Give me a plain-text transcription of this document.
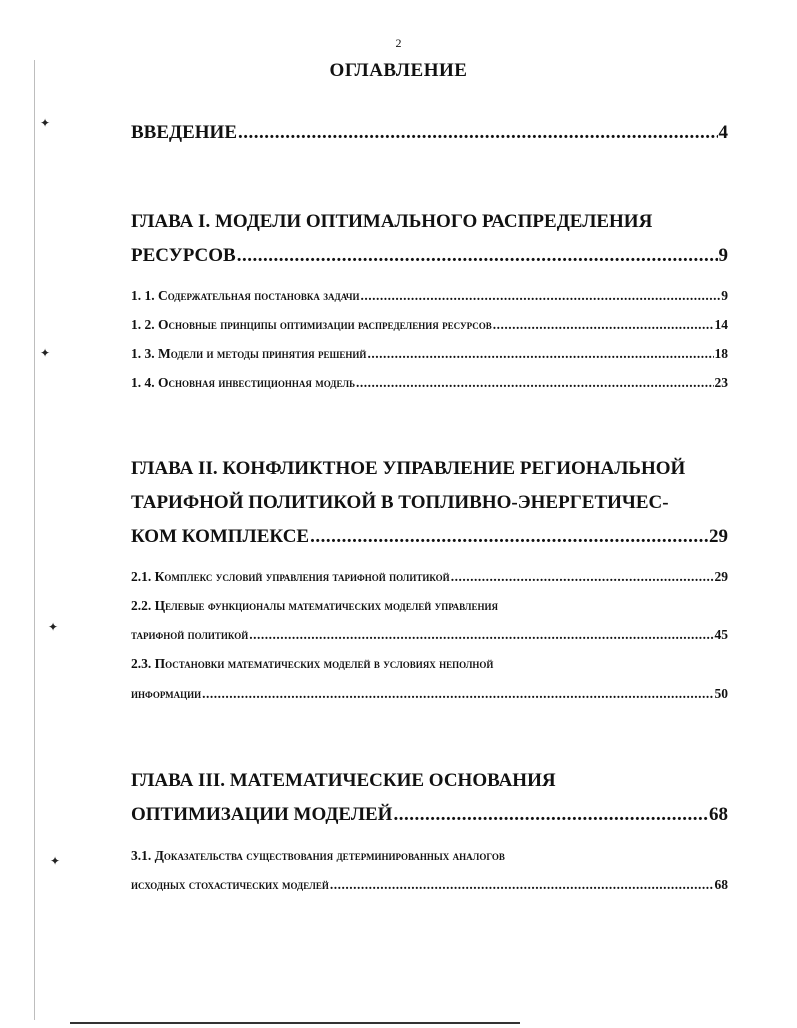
✦
✦
✦
✦
2
ОГЛАВЛЕНИЕ
ВВЕДЕНИЕ .....	4
ГЛАВА I. МОДЕЛИ ОПТИМАЛЬНОГО РАСПРЕДЕЛЕНИЯ
РЕСУРСОВ .....	9
1. 1. Содержательная постановка задачи .....	9
1. 2. Основные принципы оптимизации распределения ресурсов .....	14
1. 3. Модели и методы принятия решений .....	18
1. 4. Основная инвестиционная модель .....	23
ГЛАВА II. КОНФЛИКТНОЕ УПРАВЛЕНИЕ РЕГИОНАЛЬНОЙ
ТАРИФНОЙ ПОЛИТИКОЙ В ТОПЛИВНО-ЭНЕРГЕТИЧЕС-
КОМ КОМПЛЕКСЕ .....	29
2.1. Комплекс условий управления тарифной политикой .....	29
2.2. Целевые функционалы математических моделей управления
тарифной политикой .....	45
2.3. Постановки математических моделей в условиях неполной
информации .....	50
ГЛАВА III. МАТЕМАТИЧЕСКИЕ ОСНОВАНИЯ
ОПТИМИЗАЦИИ МОДЕЛЕЙ .....	68
3.1. Доказательства существования детерминированных аналогов
исходных стохастических моделей .....	68
